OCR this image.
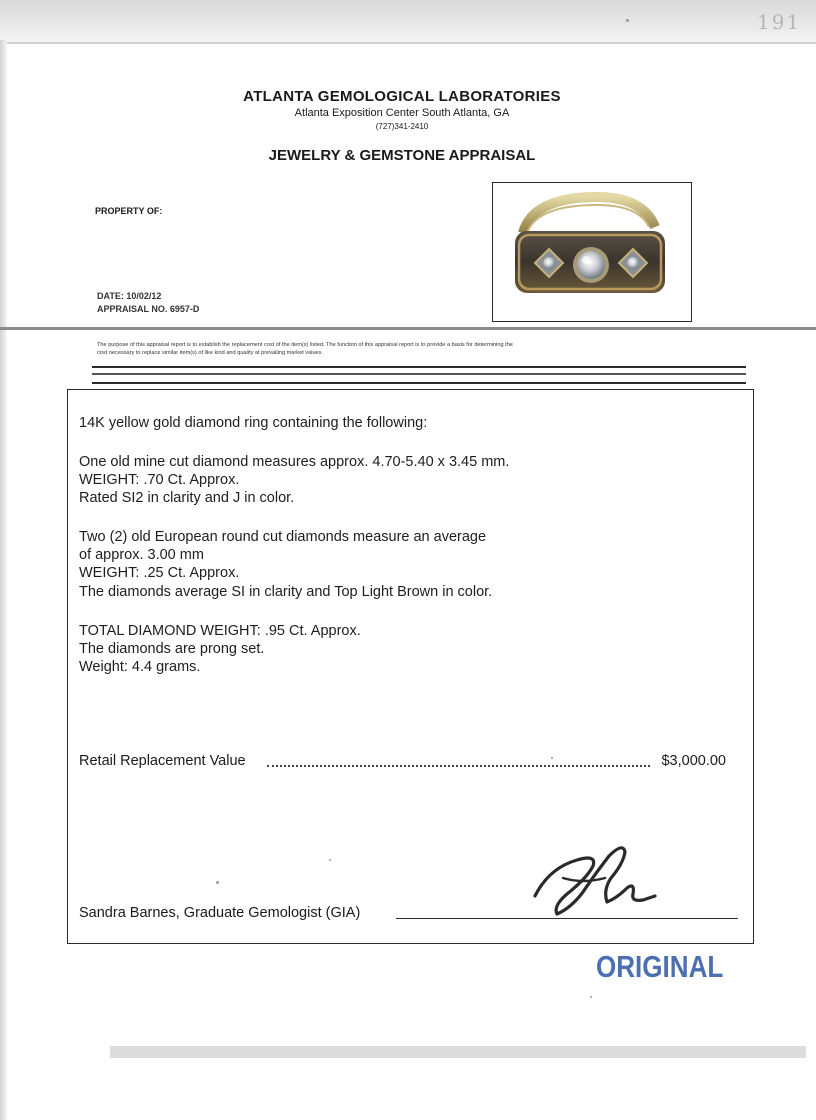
191
ATLANTA GEMOLOGICAL LABORATORIES
Atlanta Exposition Center South Atlanta, GA
(727)341-2410
JEWELRY & GEMSTONE APPRAISAL
PROPERTY OF:
DATE: 10/02/12
APPRAISAL NO. 6957-D
The purpose of this appraisal report is to establish the replacement cost of the item(s) listed. The function of this appraisal report is to provide a basis for determining the
cost necessary to replace similar item(s) of like kind and quality at prevailing market values.
14K yellow gold diamond ring containing the following:
One old mine cut diamond measures approx. 4.70-5.40 x 3.45 mm.
WEIGHT: .70 Ct. Approx.
Rated SI2 in clarity and J in color.
Two (2) old European round cut diamonds measure an average
of approx. 3.00 mm
WEIGHT: .25 Ct. Approx.
The diamonds average SI in clarity and Top Light Brown in color.
TOTAL DIAMOND WEIGHT: .95 Ct. Approx.
The diamonds are prong set.
Weight: 4.4 grams.
Retail Replacement Value	$3,000.00
Sandra Barnes, Graduate Gemologist (GIA)
ORIGINAL
